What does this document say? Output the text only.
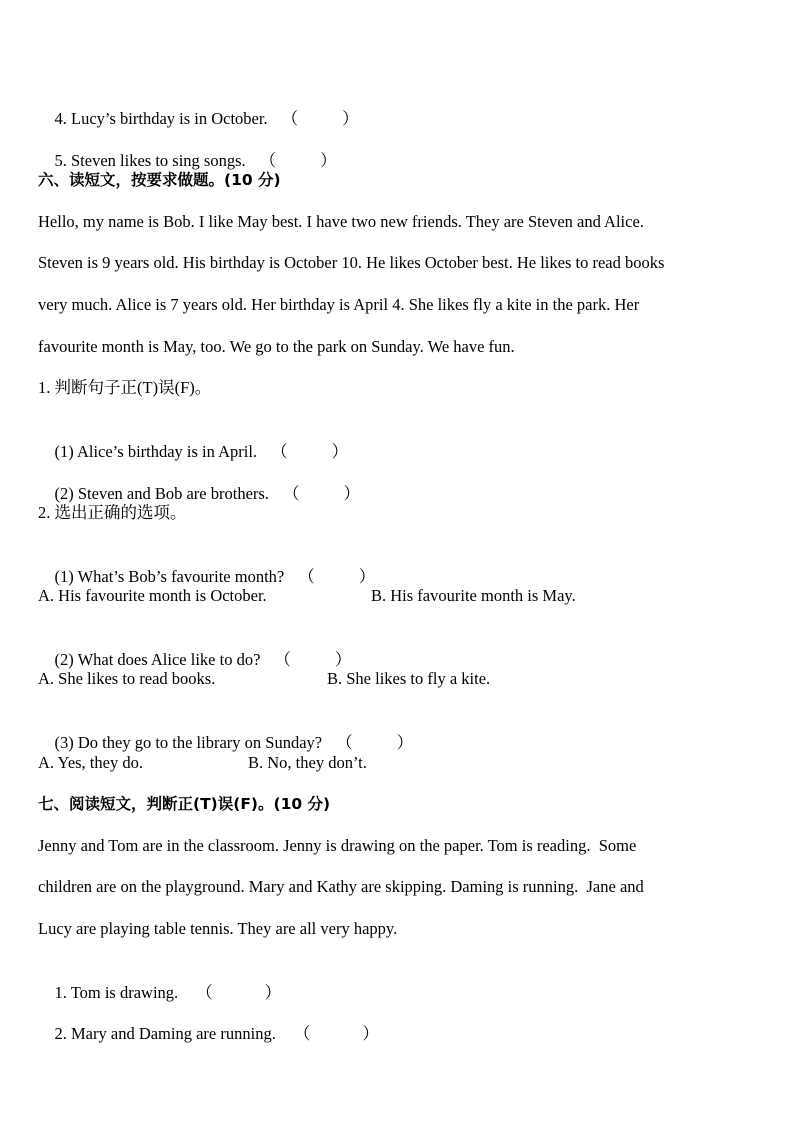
4. Lucy’s birthday is in October. （	）

5. Steven likes to sing songs. （	）

六、读短文，按要求做题。(10 分)
Hello, my name is Bob. I like May best. I have two new friends. They are Steven and Alice.
Steven is 9 years old. His birthday is October 10. He likes October best. He likes to read books
very much. Alice is 7 years old. Her birthday is April 4. She likes fly a kite in the park. Her
favourite month is May, too. We go to the park on Sunday. We have fun.
1. 判断句子正(T)误(F)。

(1) Alice’s birthday is in April. （	）

(2) Steven and Bob are brothers. （	）

2. 选出正确的选项。

(1) What’s Bob’s favourite month? （	）

A. His favourite month is October.	B. His favourite month is May.

(2) What does Alice like to do? （	）

A. She likes to read books.	B. She likes to fly a kite.

(3) Do they go to the library on Sunday? （	）

A. Yes, they do.	B. No, they don’t.
七、阅读短文，判断正(T)误(F)。(10 分)
Jenny and Tom are in the classroom. Jenny is drawing on the paper. Tom is reading.  Some
children are on the playground. Mary and Kathy are skipping. Daming is running.  Jane and
Lucy are playing table tennis. They are all very happy.

1. Tom is drawing. （	）

2. Mary and Daming are running. （	）
